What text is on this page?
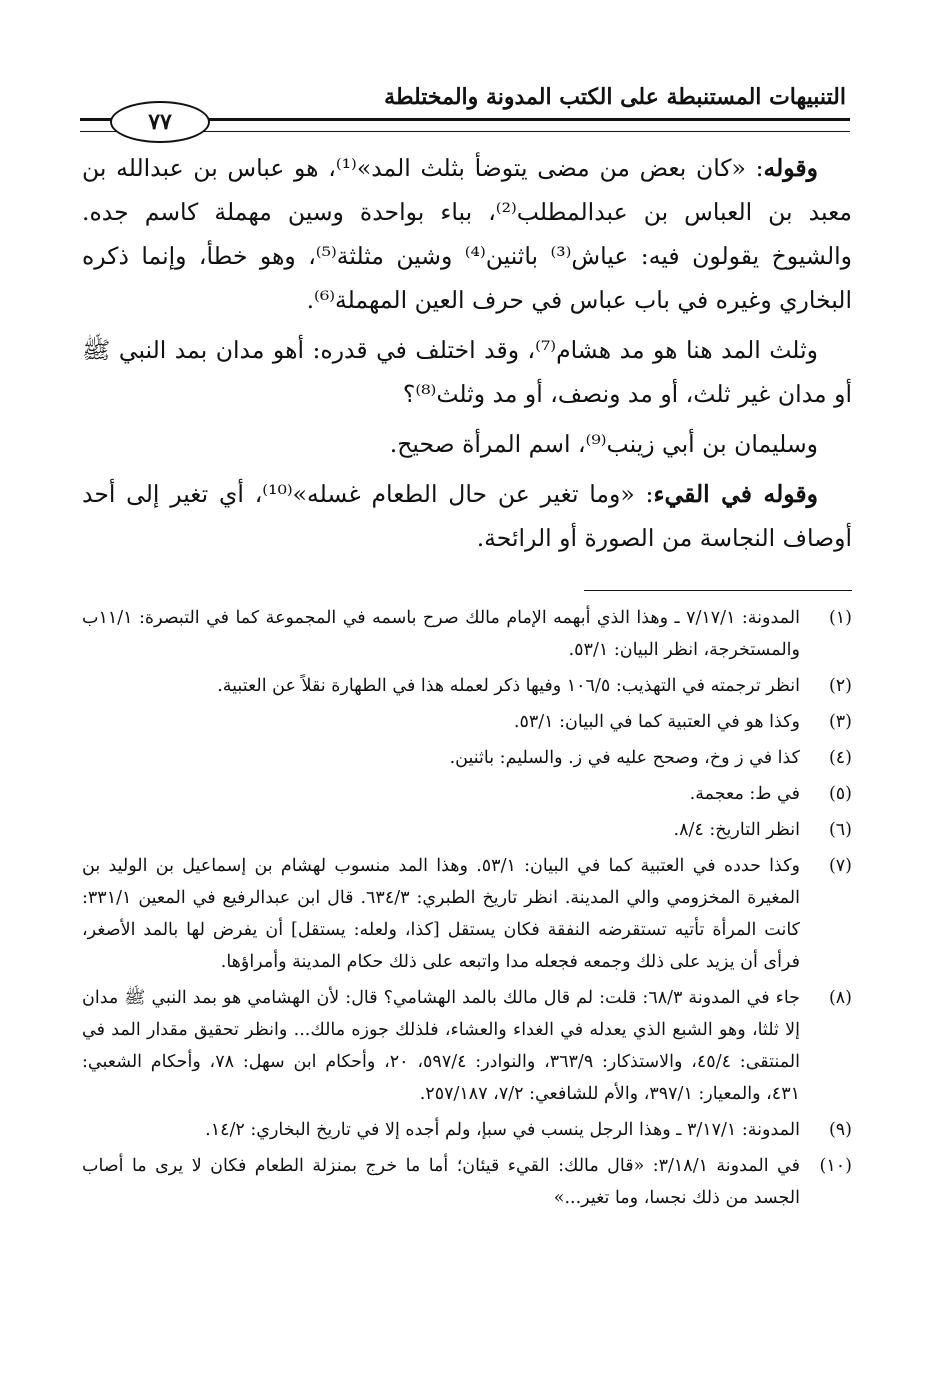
التنبيهات المستنبطة على الكتب المدونة والمختلطة
٧٧

وقوله: «كان بعض من مضى يتوضأ بثلث المد»⁽¹⁾، هو عباس بن عبدالله بن معبد بن العباس بن عبدالمطلب⁽²⁾، بباء بواحدة وسين مهملة كاسم جده. والشيوخ يقولون فيه: عياش⁽³⁾ باثنين⁽⁴⁾ وشين مثلثة⁽⁵⁾، وهو خطأ، وإنما ذكره البخاري وغيره في باب عباس في حرف العين المهملة⁽⁶⁾.

وثلث المد هنا هو مد هشام⁽⁷⁾، وقد اختلف في قدره: أهو مدان بمد النبي ﷺ أو مدان غير ثلث، أو مد ونصف، أو مد وثلث⁽⁸⁾؟

وسليمان بن أبي زينب⁽⁹⁾، اسم المرأة صحيح.

وقوله في القيء: «وما تغير عن حال الطعام غسله»⁽¹⁰⁾، أي تغير إلى أحد أوصاف النجاسة من الصورة أو الرائحة.

(١)
المدونة: ٧/١٧/١ ـ وهذا الذي أبهمه الإمام مالك صرح باسمه في المجموعة كما في التبصرة: ١١/١ب والمستخرجة، انظر البيان: ٥٣/١.
(٢)
انظر ترجمته في التهذيب: ١٠٦/٥ وفيها ذكر لعمله هذا في الطهارة نقلاً عن العتبية.
(٣)
وكذا هو في العتبية كما في البيان: ٥٣/١.
(٤)
كذا في ز وخ، وصحح عليه في ز. والسليم: باثنين.
(٥)
في ط: معجمة.
(٦)
انظر التاريخ: ٨/٤.
(٧)
وكذا حدده في العتبية كما في البيان: ٥٣/١. وهذا المد منسوب لهشام بن إسماعيل بن الوليد بن المغيرة المخزومي والي المدينة. انظر تاريخ الطبري: ٦٣٤/٣. قال ابن عبدالرفيع في المعين ٣٣١/١: كانت المرأة تأتيه تستقرضه النفقة فكان يستقل [كذا، ولعله: يستقل] أن يفرض لها بالمد الأصغر، فرأى أن يزيد على ذلك وجمعه فجعله مدا واتبعه على ذلك حكام المدينة وأمراؤها.
(٨)
جاء في المدونة ٦٨/٣: قلت: لم قال مالك بالمد الهشامي؟ قال: لأن الهشامي هو بمد النبي ﷺ مدان إلا ثلثا، وهو الشبع الذي يعدله في الغداء والعشاء، فلذلك جوزه مالك... وانظر تحقيق مقدار المد في المنتقى: ٤٥/٤، والاستذكار: ٣٦٣/٩، والنوادر: ٥٩٧/٤، ٢٠، وأحكام ابن سهل: ٧٨، وأحكام الشعبي: ٤٣١، والمعيار: ٣٩٧/١، والأم للشافعي: ٧/٢، ٢٥٧/١٨٧.
(٩)
المدونة: ٣/١٧/١ ـ وهذا الرجل ينسب في سبإ، ولم أجده إلا في تاريخ البخاري: ١٤/٢.
(١٠)
في المدونة ٣/١٨/١: «قال مالك: القيء قيئان؛ أما ما خرج بمنزلة الطعام فكان لا يرى ما أصاب الجسد من ذلك نجسا، وما تغير...»
